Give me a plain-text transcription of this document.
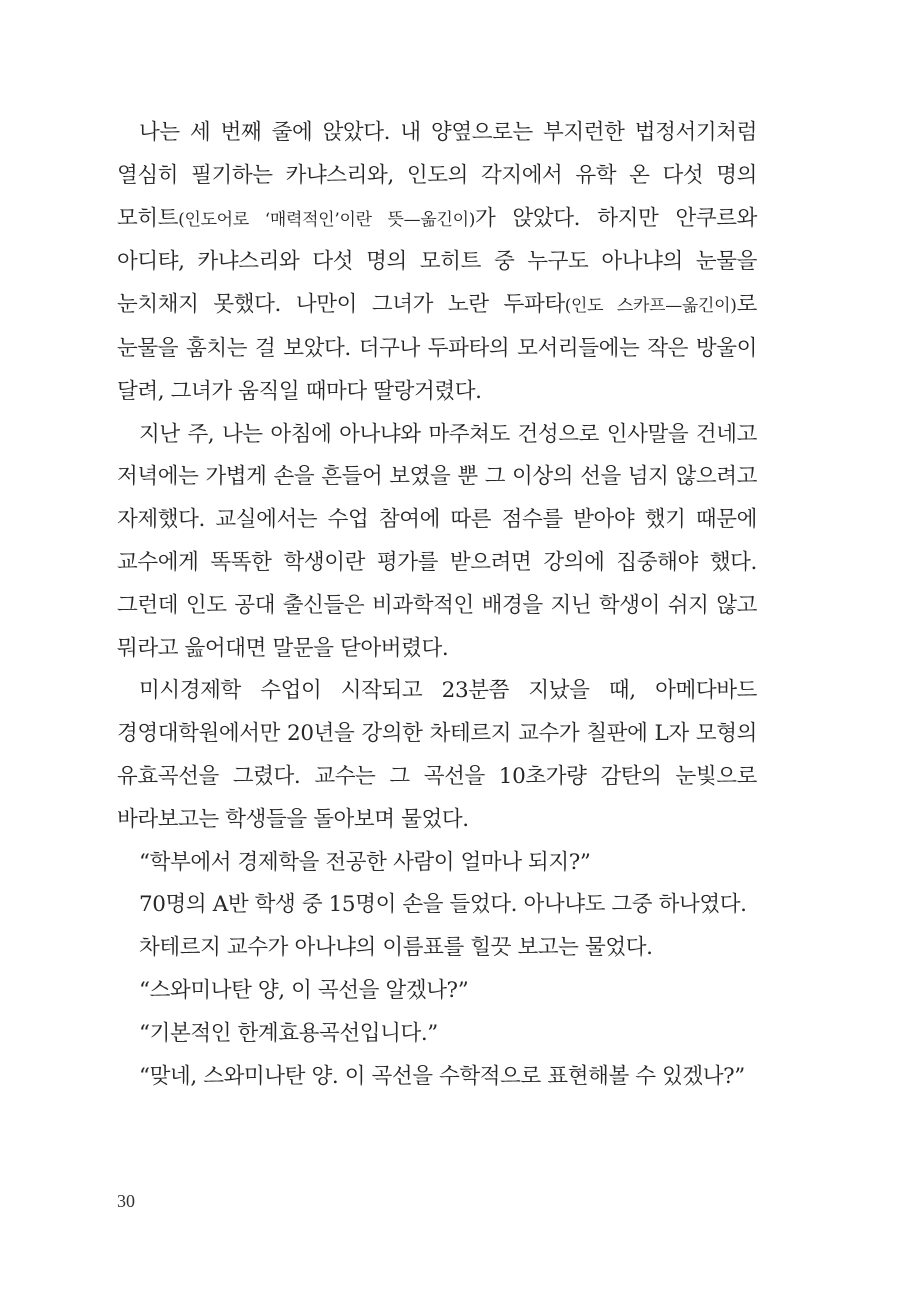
나는 세 번째 줄에 앉았다. 내 양옆으로는 부지런한 법정서기처럼 열심히 필기하는 카냐스리와, 인도의 각지에서 유학 온 다섯 명의 모히트(인도어로 ‘매력적인’이란 뜻—옮긴이)가 앉았다. 하지만 안쿠르와 아디탸, 카냐스리와 다섯 명의 모히트 중 누구도 아나냐의 눈물을 눈치채지 못했다. 나만이 그녀가 노란 두파타(인도 스카프—옮긴이)로 눈물을 훔치는 걸 보았다. 더구나 두파타의 모서리들에는 작은 방울이 달려, 그녀가 움직일 때마다 딸랑거렸다.

지난 주, 나는 아침에 아나냐와 마주쳐도 건성으로 인사말을 건네고 저녁에는 가볍게 손을 흔들어 보였을 뿐 그 이상의 선을 넘지 않으려고 자제했다. 교실에서는 수업 참여에 따른 점수를 받아야 했기 때문에 교수에게 똑똑한 학생이란 평가를 받으려면 강의에 집중해야 했다. 그런데 인도 공대 출신들은 비과학적인 배경을 지닌 학생이 쉬지 않고 뭐라고 읊어대면 말문을 닫아버렸다.

미시경제학 수업이 시작되고 23분쯤 지났을 때, 아메다바드 경영대학원에서만 20년을 강의한 차테르지 교수가 칠판에 L자 모형의 유효곡선을 그렸다. 교수는 그 곡선을 10초가량 감탄의 눈빛으로 바라보고는 학생들을 돌아보며 물었다.

“학부에서 경제학을 전공한 사람이 얼마나 되지?”

70명의 A반 학생 중 15명이 손을 들었다. 아나냐도 그중 하나였다.

차테르지 교수가 아나냐의 이름표를 힐끗 보고는 물었다.

“스와미나탄 양, 이 곡선을 알겠나?”

“기본적인 한계효용곡선입니다.”

“맞네, 스와미나탄 양. 이 곡선을 수학적으로 표현해볼 수 있겠나?”

30
